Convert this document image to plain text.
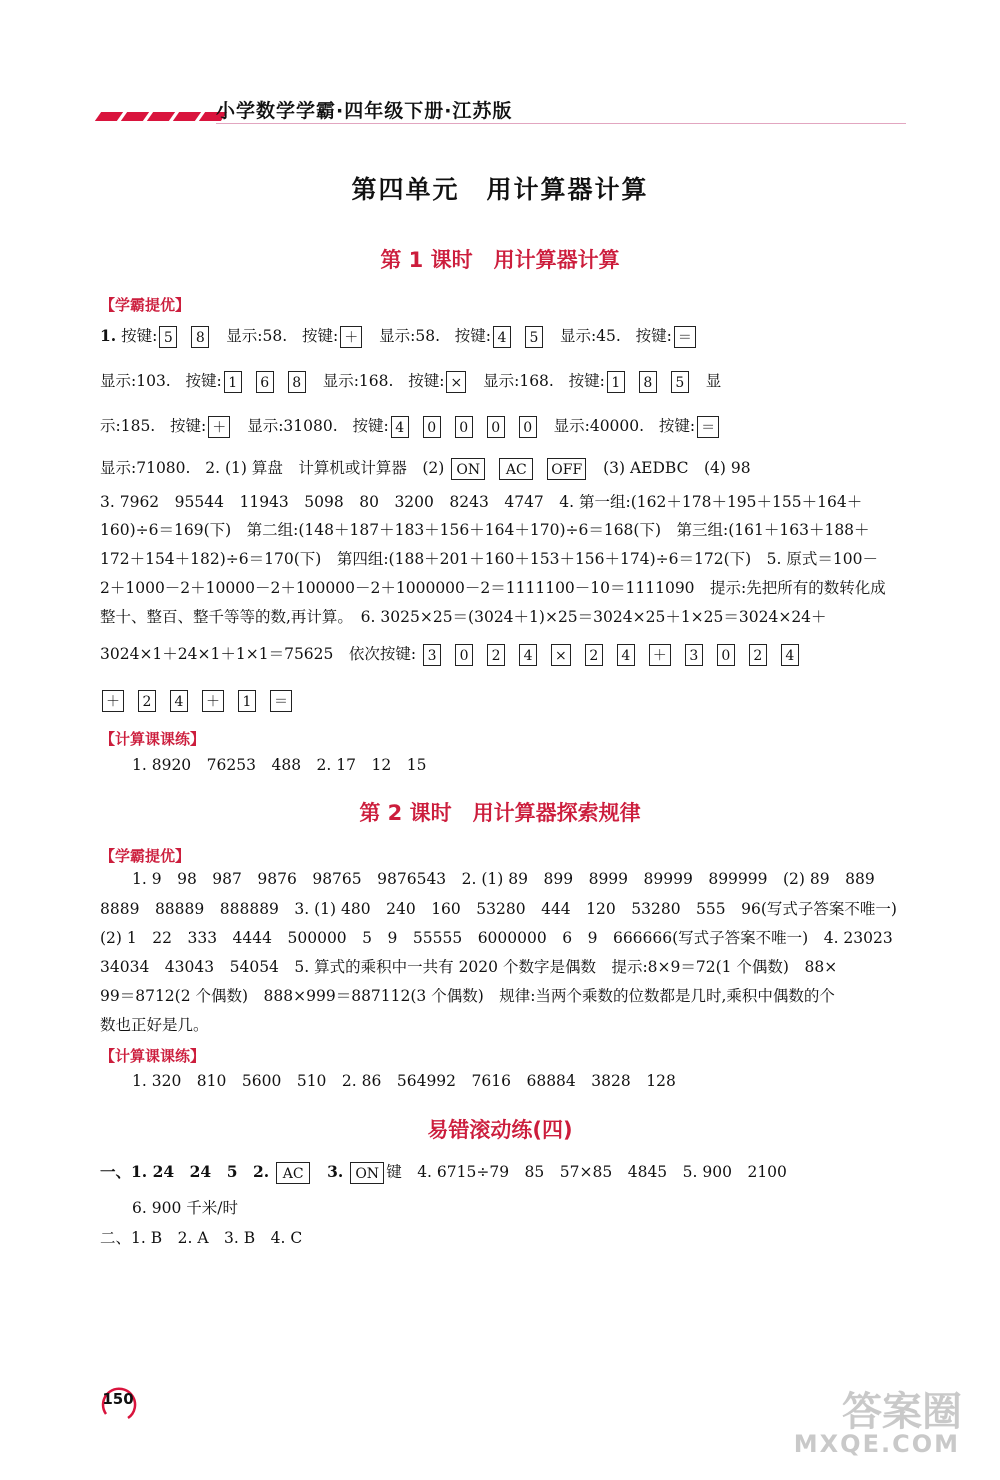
小学数学学霸·四年级下册·江苏版
第四单元　用计算器计算
第 1 课时　用计算器计算
【学霸提优】
1. 按键: 5 8 显示:58. 按键: ＋ 显示:58. 按键: 4 5 显示:45. 按键: ＝
显示:103. 按键: 1 6 8 显示:168. 按键: × 显示:168. 按键: 1 8 5 显
示:185. 按键: ＋ 显示:31080. 按键: 4 0 0 0 0 显示:40000. 按键: ＝
显示:71080. 2. (1) 算盘　计算机或计算器　(2) ON AC OFF (3) AEDBC　(4) 98
3. 7962　95544　11943　5098　80　3200　8243　4747　4. 第一组:(162＋178＋195＋155＋164＋
160)÷6＝169(下)　第二组:(148＋187＋183＋156＋164＋170)÷6＝168(下)　第三组:(161＋163＋188＋
172＋154＋182)÷6＝170(下)　第四组:(188＋201＋160＋153＋156＋174)÷6＝172(下)　5. 原式＝100－
2＋1000－2＋10000－2＋100000－2＋1000000－2＝1111100－10＝1111090　提示:先把所有的数转化成
整十、整百、整千等等的数,再计算。　6. 3025×25＝(3024＋1)×25＝3024×25＋1×25＝3024×24＋
3024×1＋24×1＋1×1＝75625　依次按键: 3 0 2 4 × 2 4 ＋ 3 0 2 4
＋ 2 4 ＋ 1 ＝
【计算课课练】
1. 8920　76253　488　2. 17　12　15
第 2 课时　用计算器探索规律
【学霸提优】
1. 9　98　987　9876　98765　9876543　2. (1) 89　899　8999　89999　899999　(2) 89　889
8889　88889　888889　3. (1) 480　240　160　53280　444　120　53280　555　96(写式子答案不唯一)
(2) 1　22　333　4444　500000　5　9　55555　6000000　6　9　666666(写式子答案不唯一)　4. 23023
34034　43043　54054　5. 算式的乘积中一共有 2020 个数字是偶数　提示:8×9＝72(1 个偶数)　88×
99＝8712(2 个偶数)　888×999＝887112(3 个偶数)　规律:当两个乘数的位数都是几时,乘积中偶数的个
数也正好是几。
【计算课课练】
1. 320　810　5600　510　2. 86　564992　7616　68884　3828　128
易错滚动练(四)
一、1. 24　24　5　2. AC 3. ON 键　4. 6715÷79　85　57×85　4845　5. 900　2100
6. 900 千米/时
二、1. B　2. A　3. B　4. C
150	答案圈
MXQE.COM
